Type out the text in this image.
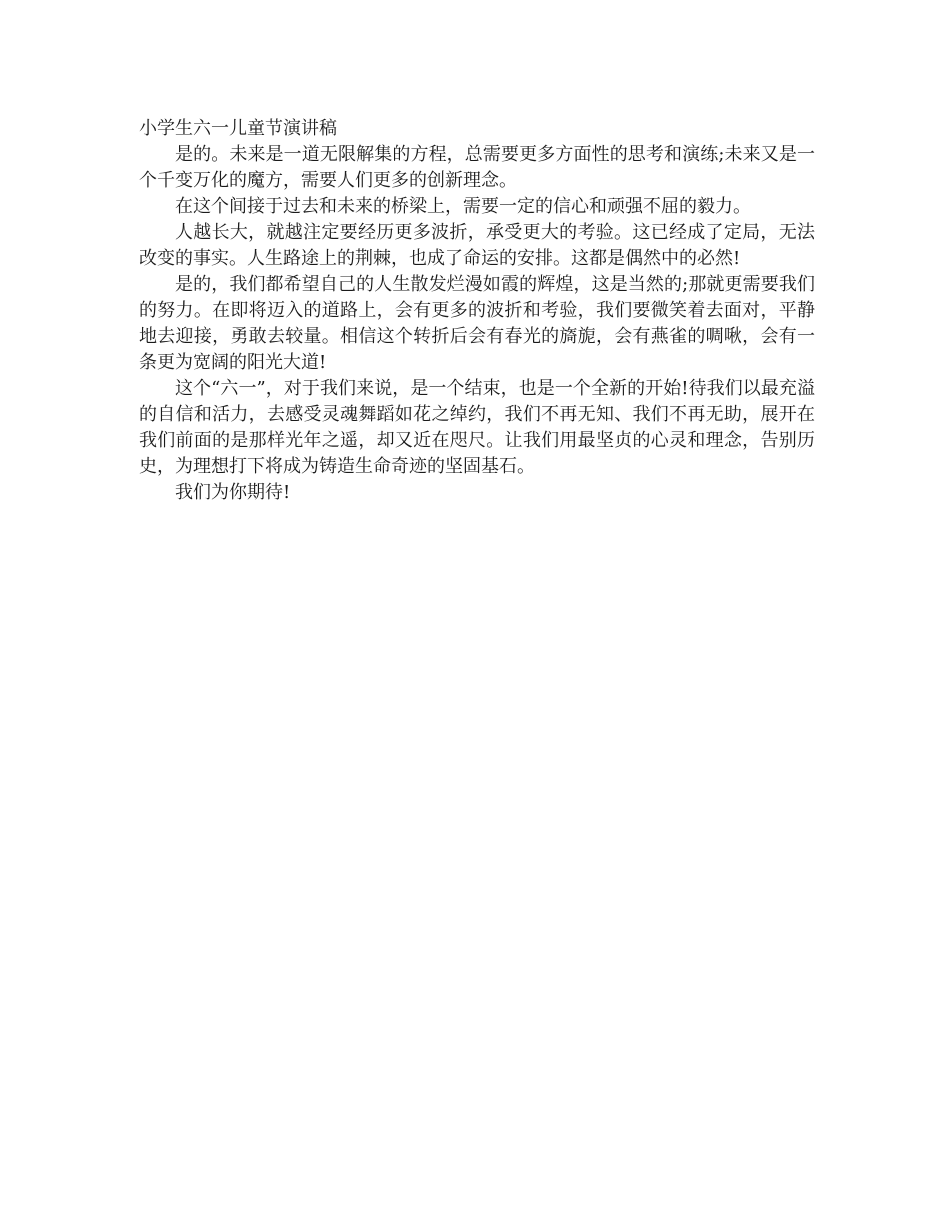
小学生六一儿童节演讲稿

是的。未来是一道无限解集的方程，总需要更多方面性的思考和演练;未来又是一个千变万化的魔方，需要人们更多的创新理念。

在这个间接于过去和未来的桥梁上，需要一定的信心和顽强不屈的毅力。

人越长大，就越注定要经历更多波折，承受更大的考验。这已经成了定局，无法改变的事实。人生路途上的荆棘，也成了命运的安排。这都是偶然中的必然!

是的，我们都希望自己的人生散发烂漫如霞的辉煌，这是当然的;那就更需要我们的努力。在即将迈入的道路上，会有更多的波折和考验，我们要微笑着去面对，平静地去迎接，勇敢去较量。相信这个转折后会有春光的旖旎，会有燕雀的啁啾，会有一条更为宽阔的阳光大道!

这个“六一”，对于我们来说，是一个结束，也是一个全新的开始!待我们以最充溢的自信和活力，去感受灵魂舞蹈如花之绰约，我们不再无知、我们不再无助，展开在我们前面的是那样光年之遥，却又近在咫尺。让我们用最坚贞的心灵和理念，告别历史，为理想打下将成为铸造生命奇迹的坚固基石。

我们为你期待!
